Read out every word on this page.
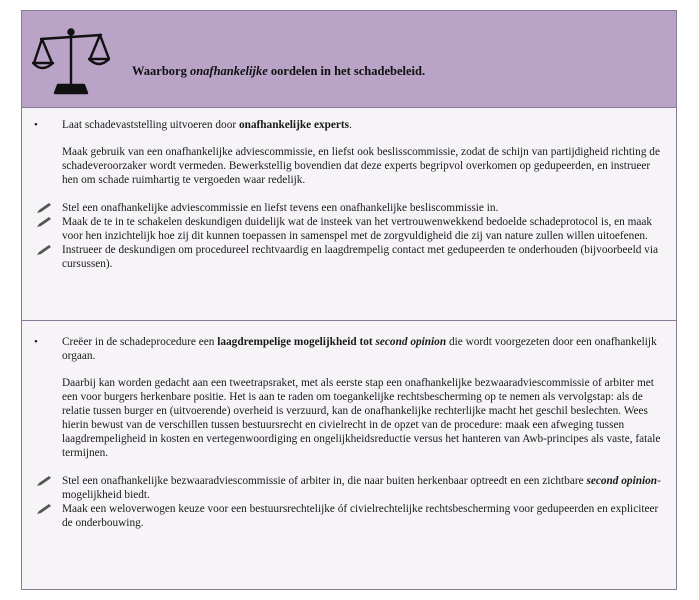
Waarborg onafhankelijke oordelen in het schadebeleid.
• Laat schadevaststelling uitvoeren door onafhankelijke experts.
Maak gebruik van een onafhankelijke adviescommissie, en liefst ook beslisscommissie, zodat de schijn van partijdigheid richting de schadeveroorzaker wordt vermeden. Bewerkstellig bovendien dat deze experts begripvol overkomen op gedupeerden, en instrueer hen om schade ruimhartig te vergoeden waar redelijk.
Stel een onafhankelijke adviescommissie en liefst tevens een onafhankelijke besliscommissie in.
Maak de te in te schakelen deskundigen duidelijk wat de insteek van het vertrouwenwekkend bedoelde schadeprotocol is, en maak voor hen inzichtelijk hoe zij dit kunnen toepassen in samenspel met de zorgvuldigheid die zij van nature zullen willen uitoefenen.
Instrueer de deskundigen om procedureel rechtvaardig en laagdrempelig contact met gedupeerden te onderhouden (bijvoorbeeld via cursussen).
• Creëer in de schadeprocedure een laagdrempelige mogelijkheid tot second opinion die wordt voorgezeten door een onafhankelijk orgaan.
Daarbij kan worden gedacht aan een tweetrapsraket, met als eerste stap een onafhankelijke bezwaaradviescommissie of arbiter met een voor burgers herkenbare positie. Het is aan te raden om toegankelijke rechtsbescherming op te nemen als vervolgstap: als de relatie tussen burger en (uitvoerende) overheid is verzuurd, kan de onafhankelijke rechterlijke macht het geschil beslechten. Wees hierin bewust van de verschillen tussen bestuursrecht en civielrecht in de opzet van de procedure: maak een afweging tussen laagdrempeligheid in kosten en vertegenwoordiging en ongelijkheidsreductie versus het hanteren van Awb-principes als vaste, fatale termijnen.
Stel een onafhankelijke bezwaaradviescommissie of arbiter in, die naar buiten herkenbaar optreedt en een zichtbare second opinion-mogelijkheid biedt.
Maak een weloverwogen keuze voor een bestuursrechtelijke óf civielrechtelijke rechtsbescherming voor gedupeerden en expliciteer de onderbouwing.
